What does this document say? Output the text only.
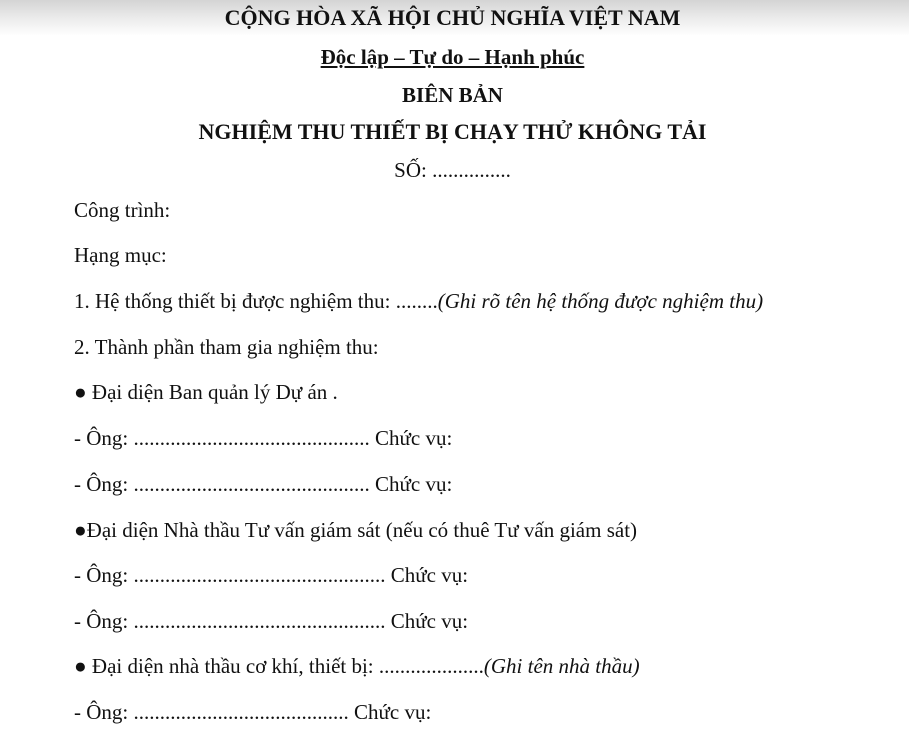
CỘNG HÒA XÃ HỘI CHỦ NGHĨA VIỆT NAM
Độc lập – Tự do – Hạnh phúc
BIÊN BẢN
NGHIỆM THU THIẾT BỊ CHẠY THỬ KHÔNG TẢI
SỐ: ...............
Công trình:
Hạng mục:
1. Hệ thống thiết bị được nghiệm thu: ........(Ghi rõ tên hệ thống được nghiệm thu)
2. Thành phần tham gia nghiệm thu:
● Đại diện Ban quản lý Dự án .
- Ông: ............................................. Chức vụ:
- Ông: ............................................. Chức vụ:
●Đại diện Nhà thầu Tư vấn giám sát (nếu có thuê Tư vấn giám sát)
- Ông: ................................................ Chức vụ:
- Ông: ................................................ Chức vụ:
● Đại diện nhà thầu cơ khí, thiết bị: ....................(Ghi tên nhà thầu)
- Ông: ......................................... Chức vụ:
